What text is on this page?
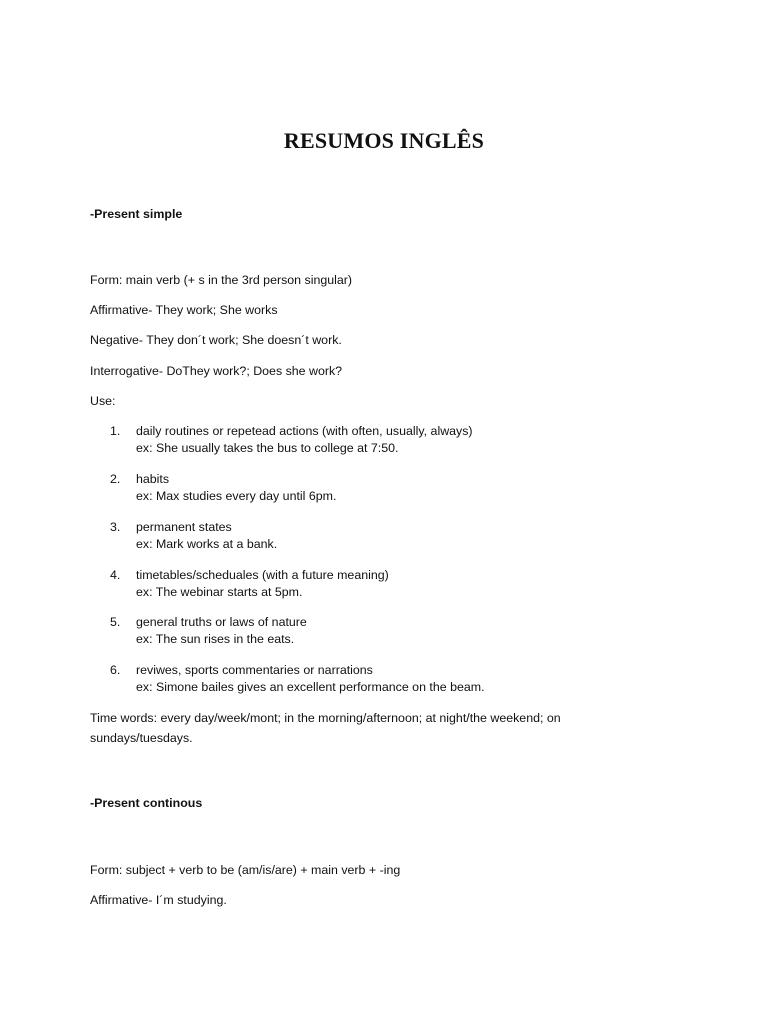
RESUMOS INGLÊS
-Present simple
Form: main verb (+ s in the 3rd person singular)
Affirmative- They work; She works
Negative- They don´t work; She doesn´t work.
Interrogative- DoThey work?; Does she work?
Use:
1. daily routines or repetead actions (with often, usually, always)
ex: She usually takes the bus to college at 7:50.
2. habits
ex: Max studies every day until 6pm.
3. permanent states
ex: Mark works at a bank.
4. timetables/scheduales (with a future meaning)
ex: The webinar starts at 5pm.
5. general truths or laws of nature
ex: The sun rises in the eats.
6. reviwes, sports commentaries or narrations
ex: Simone bailes gives an excellent performance on the beam.
Time words: every day/week/mont; in the morning/afternoon; at night/the weekend; on
sundays/tuesdays.
-Present continous
Form: subject + verb to be (am/is/are) + main verb + -ing
Affirmative- I´m studying.
